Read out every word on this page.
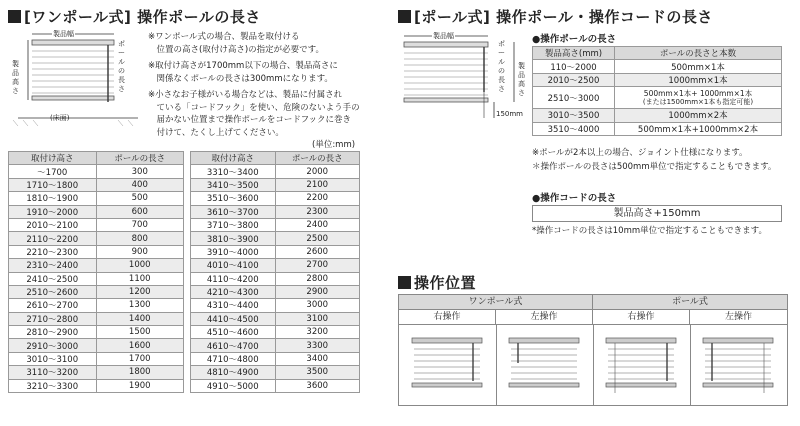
[ワンポール式] 操作ポールの長さ
製品幅
製品高さ
ポールの長さ
(床面)
※ワンポール式の場合、製品を取付ける
　位置の高さ(取付け高さ)の指定が必要です。
※取付け高さが1700mm以下の場合、製品高さに
　関係なくポールの長さは300mmになります。
※小さなお子様がいる場合などは、製品に付属され
　ている「コードフック」を使い、危険のないよう手の
　届かない位置まで操作ポールをコードフックに巻き
　付けて、たくし上げてください。
(単位:mm)
取付け高さ	ポールの長さ
～1700	300
1710～1800	400
1810～1900	500
1910～2000	600
2010～2100	700
2110～2200	800
2210～2300	900
2310～2400	1000
2410～2500	1100
2510～2600	1200
2610～2700	1300
2710～2800	1400
2810～2900	1500
2910～3000	1600
3010～3100	1700
3110～3200	1800
3210～3300	1900
取付け高さ	ポールの長さ
3310～3400	2000
3410～3500	2100
3510～3600	2200
3610～3700	2300
3710～3800	2400
3810～3900	2500
3910～4000	2600
4010～4100	2700
4110～4200	2800
4210～4300	2900
4310～4400	3000
4410～4500	3100
4510～4600	3200
4610～4700	3300
4710～4800	3400
4810～4900	3500
4910～5000	3600
[ポール式] 操作ポール・操作コードの長さ
製品幅
ポールの長さ
製品高さ
150mm
●操作ポールの長さ
製品高さ(mm)	ポールの長さと本数
110～2000	500mm×1本
2010～2500	1000mm×1本
2510～3000	500mm×1本+ 1000mm×1本
(または1500mm×1本も指定可能)

3010～3500	1000mm×2本
3510～4000	500mm×1本+1000mm×2本
※ポールが2本以上の場合、ジョイント仕様になります。
＊操作ポールの長さは500mm単位で指定することもできます。
●操作コードの長さ
製品高さ+150mm
*操作コードの長さは10mm単位で指定することもできます。
操作位置
ワンポール式	ポール式
右操作	左操作	右操作	左操作
